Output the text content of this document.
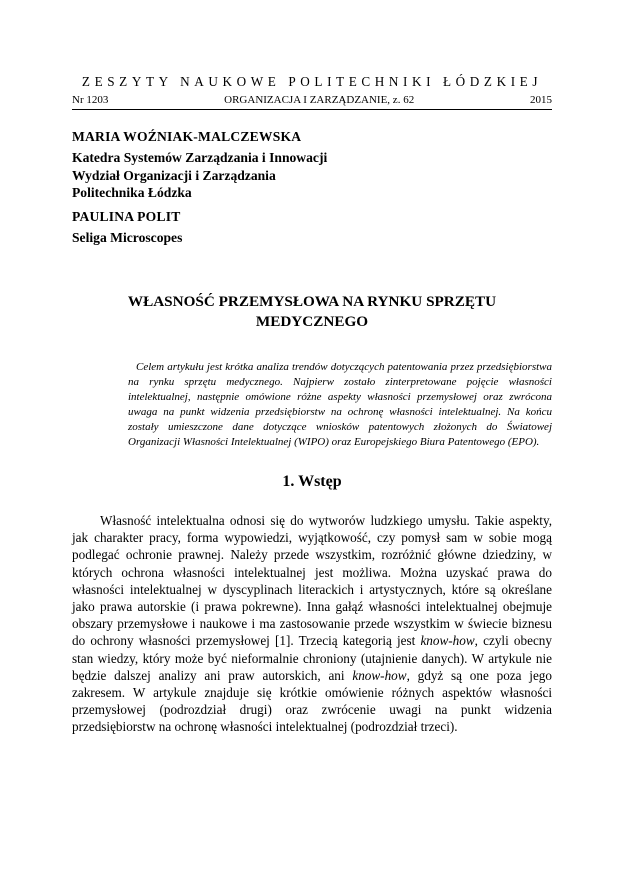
ZESZYTY NAUKOWE POLITECHNIKI ŁÓDZKIEJ

Nr 1203	ORGANIZACJA I ZARZĄDZANIE, z. 62	2015
MARIA WOŹNIAK-MALCZEWSKA
Katedra Systemów Zarządzania i Innowacji
Wydział Organizacji i Zarządzania
Politechnika Łódzka
PAULINA POLIT
Seliga Microscopes
WŁASNOŚĆ PRZEMYSŁOWA NA RYNKU SPRZĘTU
MEDYCZNEGO

Celem artykułu jest krótka analiza trendów dotyczących patentowania przez przedsiębiorstwa na rynku sprzętu medycznego. Najpierw zostało zinterpretowane pojęcie własności intelektualnej, następnie omówione różne aspekty własności przemysłowej oraz zwrócona uwaga na punkt widzenia przedsiębiorstw na ochronę własności intelektualnej. Na końcu zostały umieszczone dane dotyczące wniosków patentowych złożonych do Światowej Organizacji Własności Intelektualnej (WIPO) oraz Europejskiego Biura Patentowego (EPO).

1. Wstęp

Własność intelektualna odnosi się do wytworów ludzkiego umysłu. Takie aspekty, jak charakter pracy, forma wypowiedzi, wyjątkowość, czy pomysł sam w sobie mogą podlegać ochronie prawnej. Należy przede wszystkim, rozróżnić główne dziedziny, w których ochrona własności intelektualnej jest możliwa. Można uzyskać prawa do własności intelektualnej w dyscyplinach literackich i artystycznych, które są określane jako prawa autorskie (i prawa pokrewne). Inna gałąź własności intelektualnej obejmuje obszary przemysłowe i naukowe i ma zastosowanie przede wszystkim w świecie biznesu do ochrony własności przemysłowej [1]. Trzecią kategorią jest know-how, czyli obecny stan wiedzy, który może być nieformalnie chroniony (utajnienie danych). W artykule nie będzie dalszej analizy ani praw autorskich, ani know-how, gdyż są one poza jego zakresem. W artykule znajduje się krótkie omówienie różnych aspektów własności przemysłowej (podrozdział drugi) oraz zwrócenie uwagi na punkt widzenia przedsiębiorstw na ochronę własności intelektualnej (podrozdział trzeci).
